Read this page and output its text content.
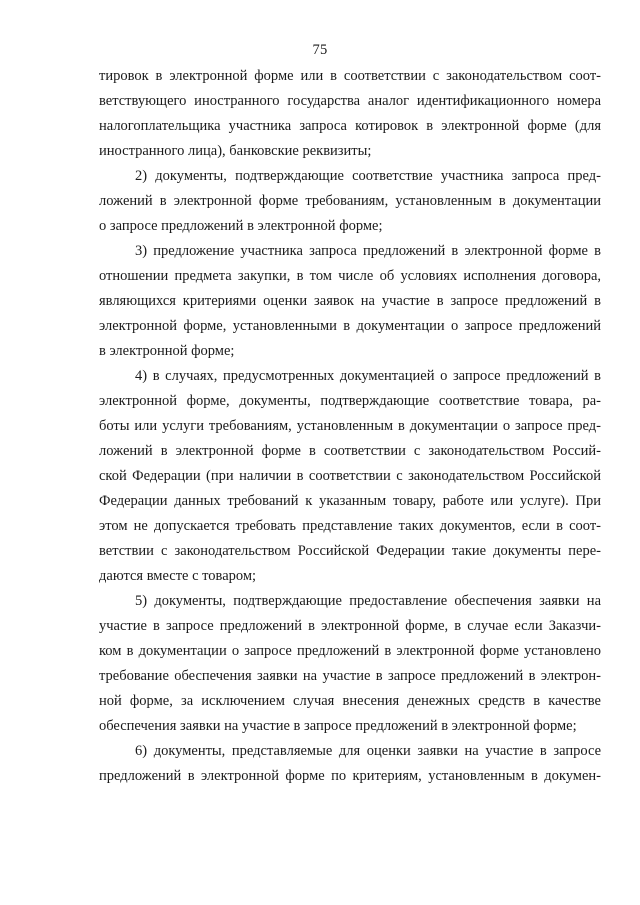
75
тировок в электронной форме или в соответствии с законодательством соот-
ветствующего иностранного государства аналог идентификационного номера
налогоплательщика участника запроса котировок в электронной форме (для
иностранного лица), банковские реквизиты;
2) документы, подтверждающие соответствие участника запроса пред-
ложений в электронной форме требованиям, установленным в документации
о запросе предложений в электронной форме;
3) предложение участника запроса предложений в электронной форме в
отношении предмета закупки, в том числе об условиях исполнения договора,
являющихся критериями оценки заявок на участие в запросе предложений в
электронной форме, установленными в документации о запросе предложений
в электронной форме;
4) в случаях, предусмотренных документацией о запросе предложений в
электронной форме, документы, подтверждающие соответствие товара, ра-
боты или услуги требованиям, установленным в документации о запросе пред-
ложений в электронной форме в соответствии с законодательством Россий-
ской Федерации (при наличии в соответствии с законодательством Российской
Федерации данных требований к указанным товару, работе или услуге). При
этом не допускается требовать представление таких документов, если в соот-
ветствии с законодательством Российской Федерации такие документы пере-
даются вместе с товаром;
5) документы, подтверждающие предоставление обеспечения заявки на
участие в запросе предложений в электронной форме, в случае если Заказчи-
ком в документации о запросе предложений в электронной форме установлено
требование обеспечения заявки на участие в запросе предложений в электрон-
ной форме, за исключением случая внесения денежных средств в качестве
обеспечения заявки на участие в запросе предложений в электронной форме;
6) документы, представляемые для оценки заявки на участие в запросе
предложений в электронной форме по критериям, установленным в докумен-
